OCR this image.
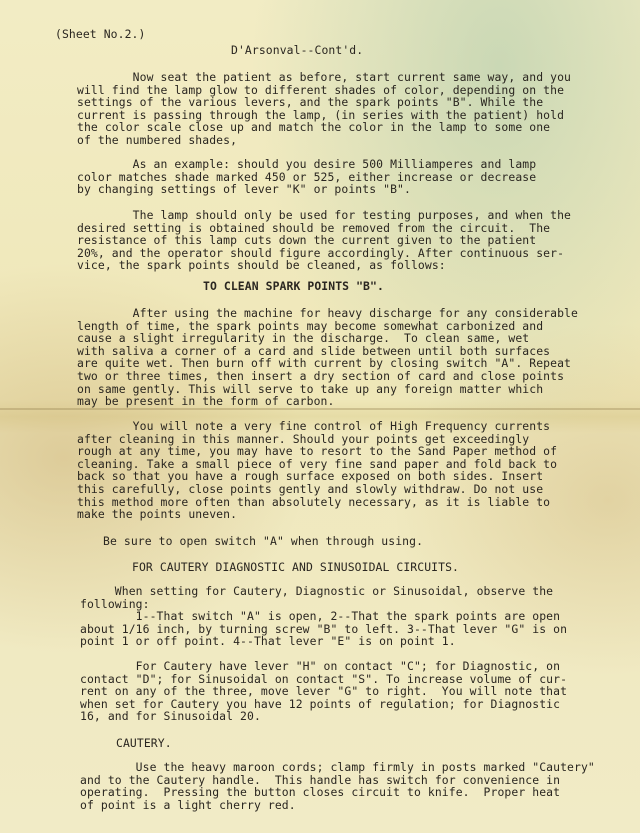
(Sheet No.2.)
D'Arsonval--Cont'd.
Now seat the patient as before, start current same way, and you
will find the lamp glow to different shades of color, depending on the
settings of the various levers, and the spark points "B". While the
current is passing through the lamp, (in series with the patient) hold
the color scale close up and match the color in the lamp to some one
of the numbered shades,
As an example: should you desire 500 Milliamperes and lamp
color matches shade marked 450 or 525, either increase or decrease
by changing settings of lever "K" or points "B".
The lamp should only be used for testing purposes, and when the
desired setting is obtained should be removed from the circuit.  The
resistance of this lamp cuts down the current given to the patient
20%, and the operator should figure accordingly. After continuous ser-
vice, the spark points should be cleaned, as follows:
TO CLEAN SPARK POINTS "B".
After using the machine for heavy discharge for any considerable
length of time, the spark points may become somewhat carbonized and
cause a slight irregularity in the discharge.  To clean same, wet
with saliva a corner of a card and slide between until both surfaces
are quite wet. Then burn off with current by closing switch "A". Repeat
two or three times, then insert a dry section of card and close points
on same gently. This will serve to take up any foreign matter which
may be present in the form of carbon.
You will note a very fine control of High Frequency currents
after cleaning in this manner. Should your points get exceedingly
rough at any time, you may have to resort to the Sand Paper method of
cleaning. Take a small piece of very fine sand paper and fold back to
back so that you have a rough surface exposed on both sides. Insert
this carefully, close points gently and slowly withdraw. Do not use
this method more often than absolutely necessary, as it is liable to
make the points uneven.
Be sure to open switch "A" when through using.
FOR CAUTERY DIAGNOSTIC AND SINUSOIDAL CIRCUITS.
When setting for Cautery, Diagnostic or Sinusoidal, observe the
following:
1--That switch "A" is open, 2--That the spark points are open
about 1/16 inch, by turning screw "B" to left. 3--That lever "G" is on
point 1 or off point. 4--That lever "E" is on point 1.
For Cautery have lever "H" on contact "C"; for Diagnostic, on
contact "D"; for Sinusoidal on contact "S". To increase volume of cur-
rent on any of the three, move lever "G" to right.  You will note that
when set for Cautery you have 12 points of regulation; for Diagnostic
16, and for Sinusoidal 20.
CAUTERY.
Use the heavy maroon cords; clamp firmly in posts marked "Cautery"
and to the Cautery handle.  This handle has switch for convenience in
operating.  Pressing the button closes circuit to knife.  Proper heat
of point is a light cherry red.
